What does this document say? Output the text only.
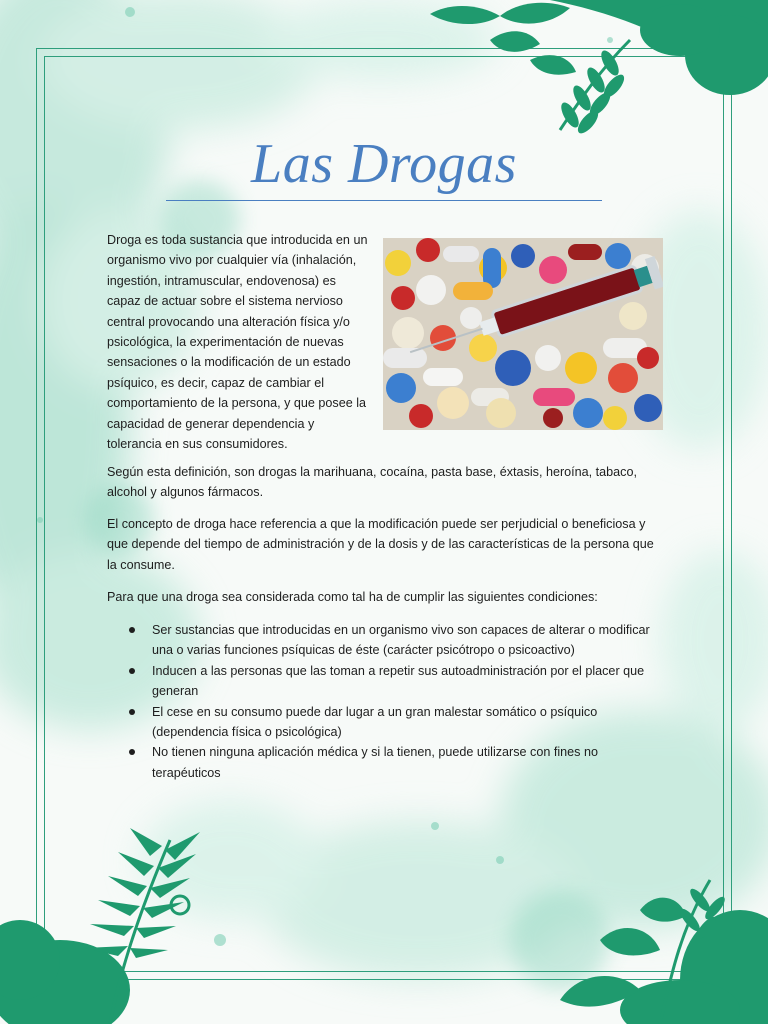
Las Drogas

Droga es toda sustancia que introducida en un organismo vivo por cualquier vía (inhalación, ingestión, intramuscular, endovenosa) es capaz de actuar sobre el sistema nervioso central provocando una alteración física y/o psicológica, la experimentación de nuevas sensaciones o la modificación de un estado psíquico, es decir, capaz de cambiar el comportamiento de la persona, y que posee la capacidad de generar dependencia y tolerancia en sus consumidores.

Según esta definición, son drogas la marihuana, cocaína, pasta base, éxtasis, heroína, tabaco, alcohol y algunos fármacos.

El concepto de droga hace referencia a que la modificación puede ser perjudicial o beneficiosa y que depende del tiempo de administración y de la dosis y de las características de la persona que la consume.

Para que una droga sea considerada como tal ha de cumplir las siguientes condiciones:

Ser sustancias que introducidas en un organismo vivo son capaces de alterar o modificar una o varias funciones psíquicas de éste (carácter psicótropo o psicoactivo)
Inducen a las personas que las toman a repetir sus autoadministración por el placer que generan
El cese en su consumo puede dar lugar a un gran malestar somático o psíquico (dependencia física o psicológica)
No tienen ninguna aplicación médica y si la tienen, puede utilizarse con fines no terapéuticos
